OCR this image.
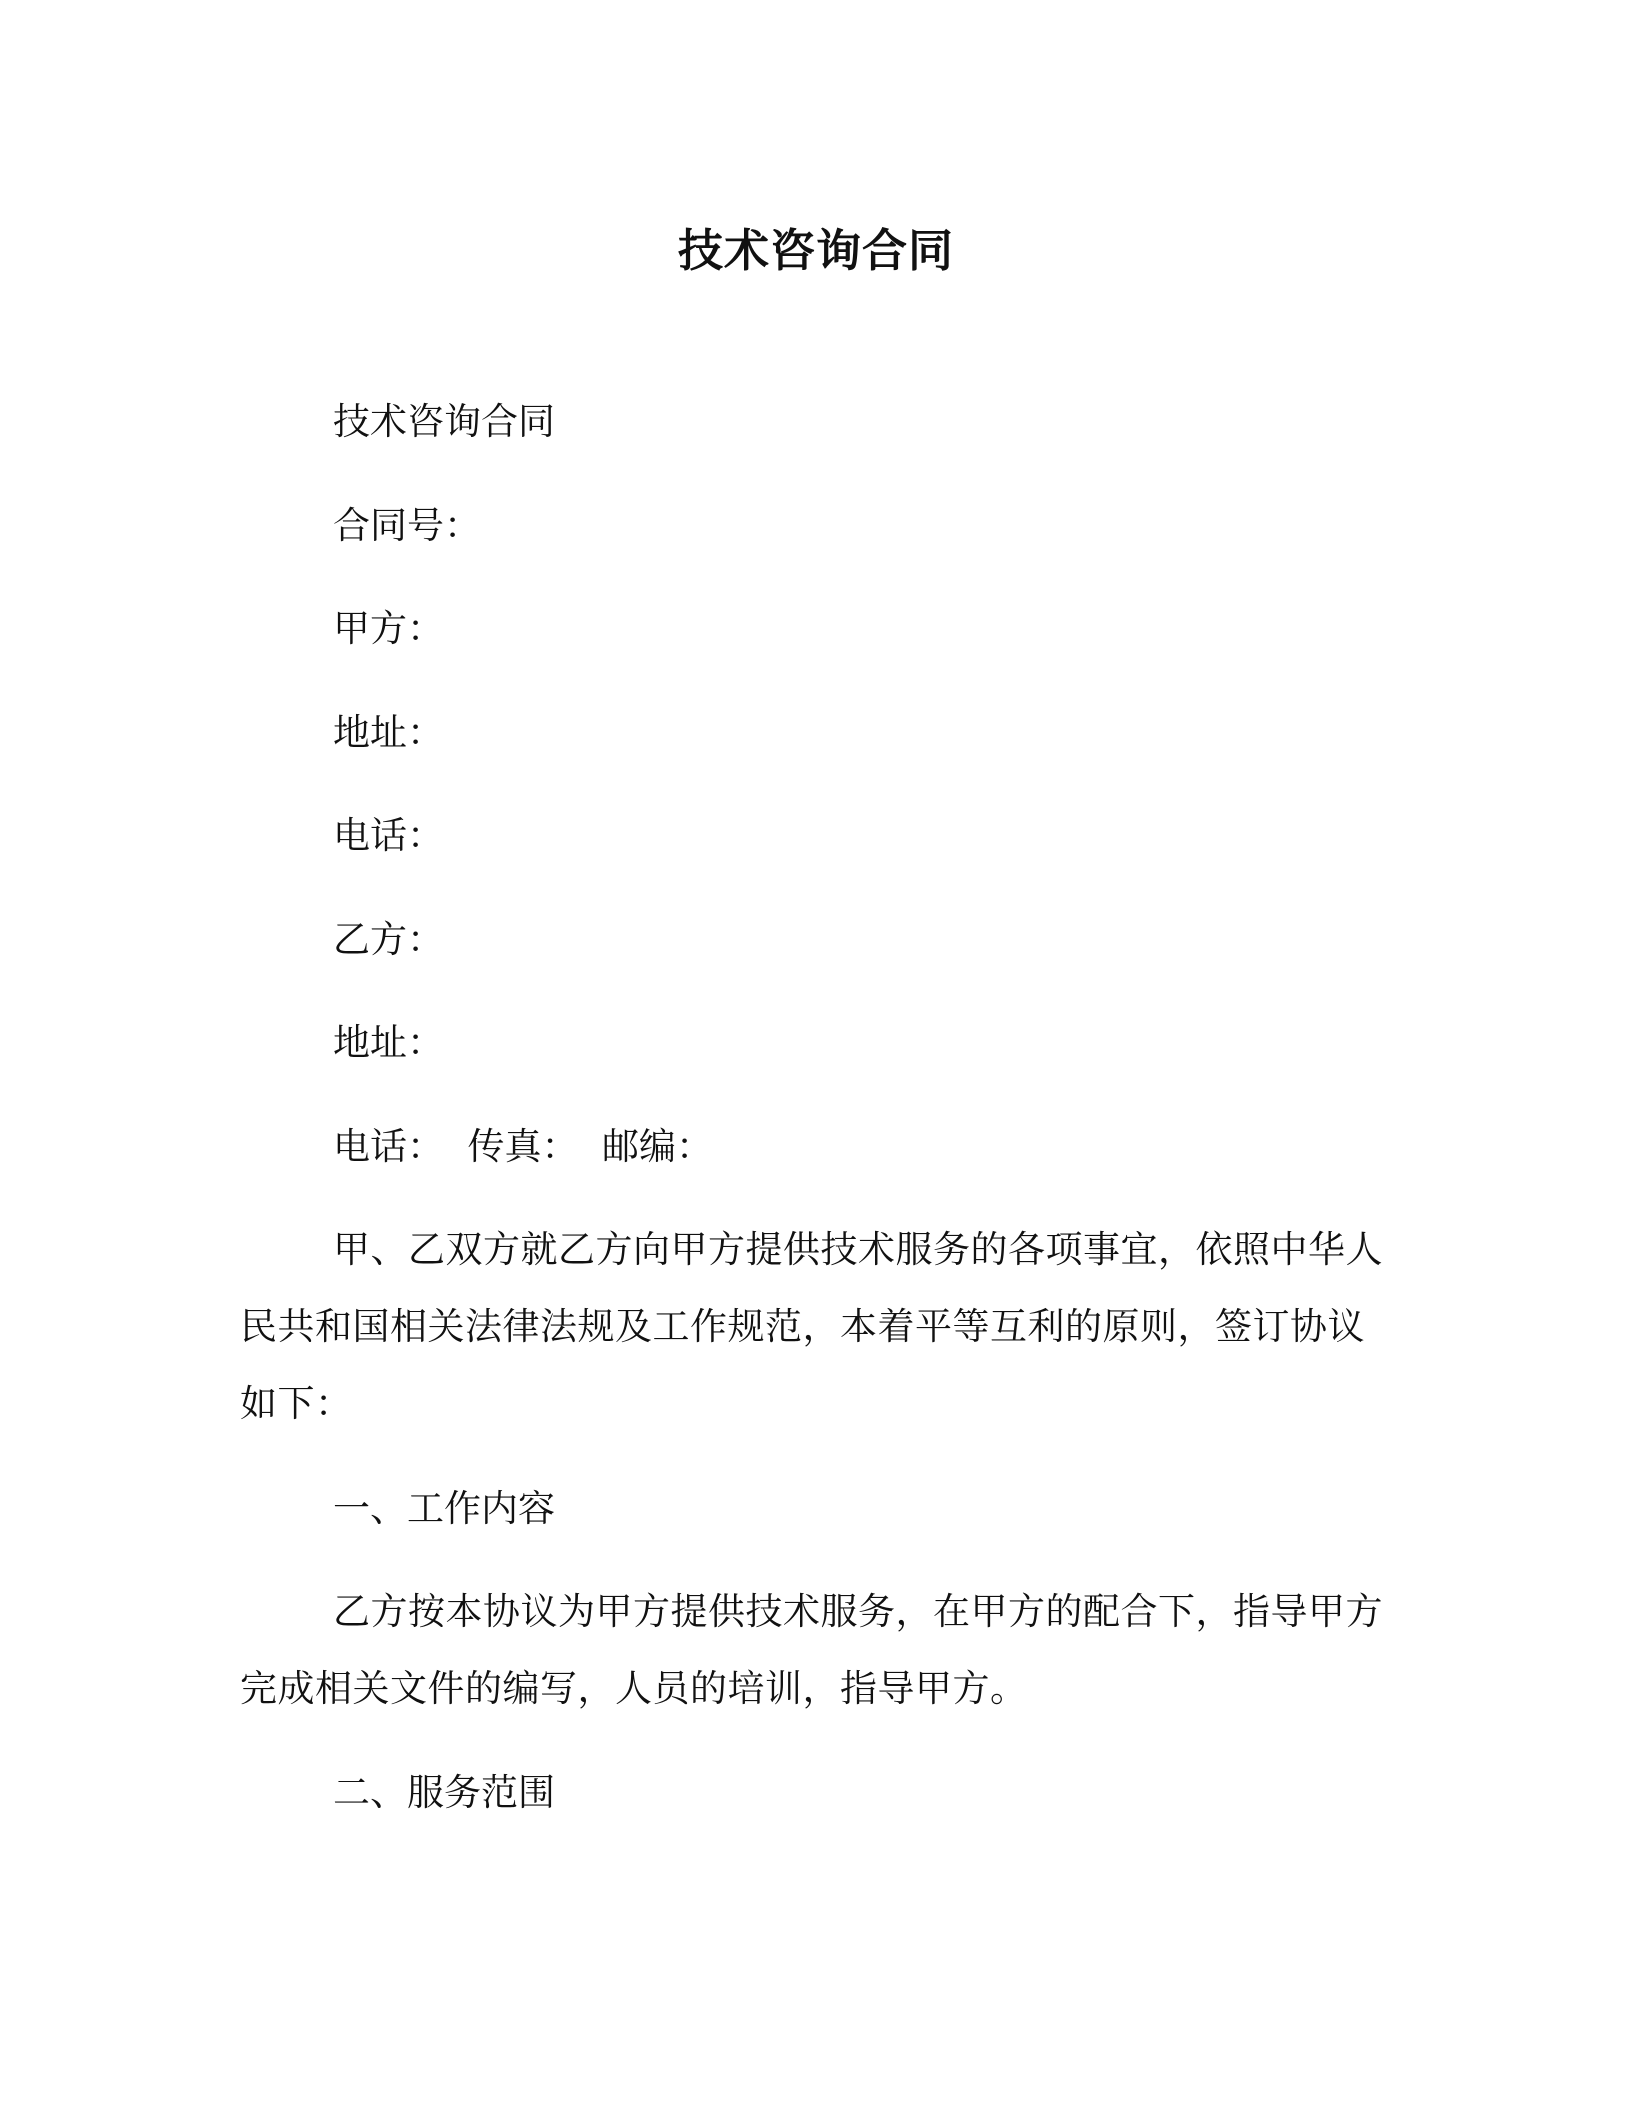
技术咨询合同
技术咨询合同
合同号：
甲方：
地址：
电话：
乙方：
地址：
电话：  传真：  邮编：
甲、乙双方就乙方向甲方提供技术服务的各项事宜，依照中华人民共和国相关法律法规及工作规范，本着平等互利的原则，签订协议如下：
一、工作内容
乙方按本协议为甲方提供技术服务，在甲方的配合下，指导甲方完成相关文件的编写，人员的培训，指导甲方。
二、服务范围
